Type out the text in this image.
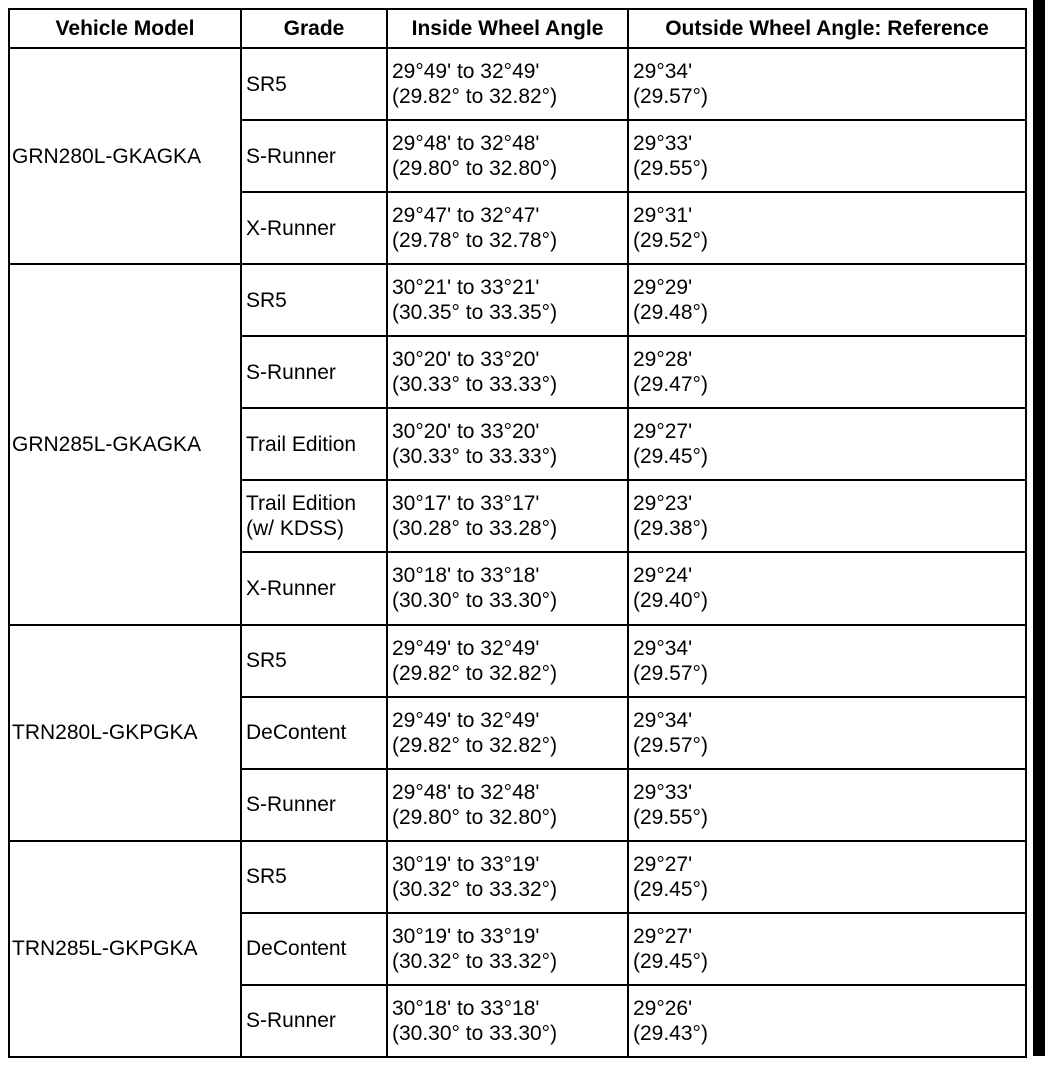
Vehicle Model	Grade	Inside Wheel Angle	Outside Wheel Angle: Reference
GRN280L-GKAGKA	SR5	29°49' to 32°49'
(29.82° to 32.82°)	29°34'
(29.57°)

	S-Runner	29°48' to 32°48'
(29.80° to 32.80°)	29°33'
(29.55°)

	X-Runner	29°47' to 32°47'
(29.78° to 32.78°)	29°31'
(29.52°)

GRN285L-GKAGKA	SR5	30°21' to 33°21'
(30.35° to 33.35°)	29°29'
(29.48°)

	S-Runner	30°20' to 33°20'
(30.33° to 33.33°)	29°28'
(29.47°)

	Trail Edition	30°20' to 33°20'
(30.33° to 33.33°)	29°27'
(29.45°)

	Trail Edition
(w/ KDSS)	30°17' to 33°17'
(30.28° to 33.28°)	29°23'
(29.38°)

	X-Runner	30°18' to 33°18'
(30.30° to 33.30°)	29°24'
(29.40°)

TRN280L-GKPGKA	SR5	29°49' to 32°49'
(29.82° to 32.82°)	29°34'
(29.57°)

	DeContent	29°49' to 32°49'
(29.82° to 32.82°)	29°34'
(29.57°)

	S-Runner	29°48' to 32°48'
(29.80° to 32.80°)	29°33'
(29.55°)

TRN285L-GKPGKA	SR5	30°19' to 33°19'
(30.32° to 33.32°)	29°27'
(29.45°)

	DeContent	30°19' to 33°19'
(30.32° to 33.32°)	29°27'
(29.45°)

	S-Runner	30°18' to 33°18'
(30.30° to 33.30°)	29°26'
(29.43°)
